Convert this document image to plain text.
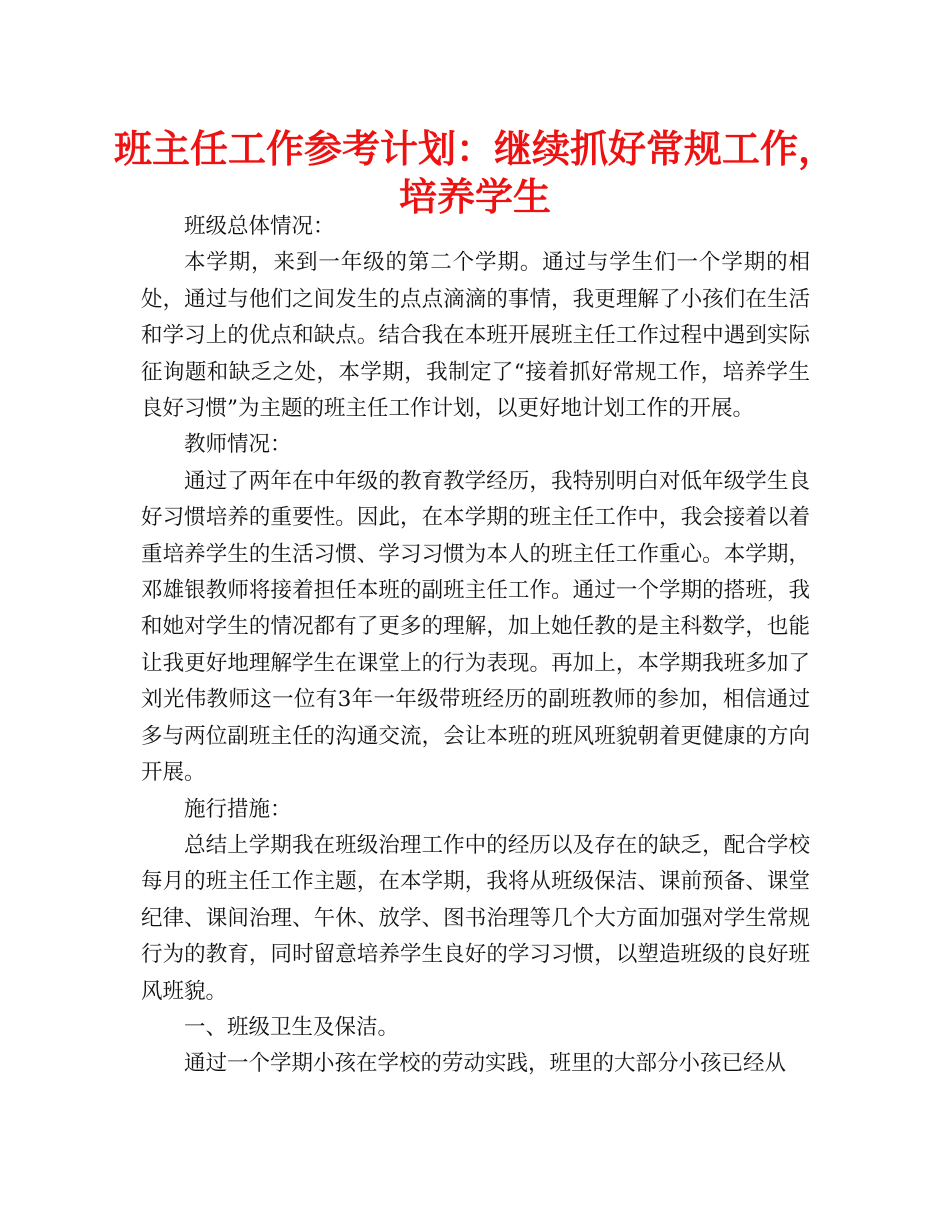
班主任工作参考计划：继续抓好常规工作，
培养学生

班级总体情况：

本学期，来到一年级的第二个学期。通过与学生们一个学期的相处，通过与他们之间发生的点点滴滴的事情，我更理解了小孩们在生活和学习上的优点和缺点。结合我在本班开展班主任工作过程中遇到实际征询题和缺乏之处，本学期，我制定了“接着抓好常规工作，培养学生良好习惯”为主题的班主任工作计划，以更好地计划工作的开展。

教师情况：

通过了两年在中年级的教育教学经历，我特别明白对低年级学生良好习惯培养的重要性。因此，在本学期的班主任工作中，我会接着以着重培养学生的生活习惯、学习习惯为本人的班主任工作重心。本学期，邓雄银教师将接着担任本班的副班主任工作。通过一个学期的搭班，我和她对学生的情况都有了更多的理解，加上她任教的是主科数学，也能让我更好地理解学生在课堂上的行为表现。再加上，本学期我班多加了刘光伟教师这一位有3年一年级带班经历的副班教师的参加，相信通过多与两位副班主任的沟通交流，会让本班的班风班貌朝着更健康的方向开展。

施行措施：

总结上学期我在班级治理工作中的经历以及存在的缺乏，配合学校每月的班主任工作主题，在本学期，我将从班级保洁、课前预备、课堂纪律、课间治理、午休、放学、图书治理等几个大方面加强对学生常规行为的教育，同时留意培养学生良好的学习习惯，以塑造班级的良好班风班貌。

一、班级卫生及保洁。

通过一个学期小孩在学校的劳动实践，班里的大部分小孩已经从
